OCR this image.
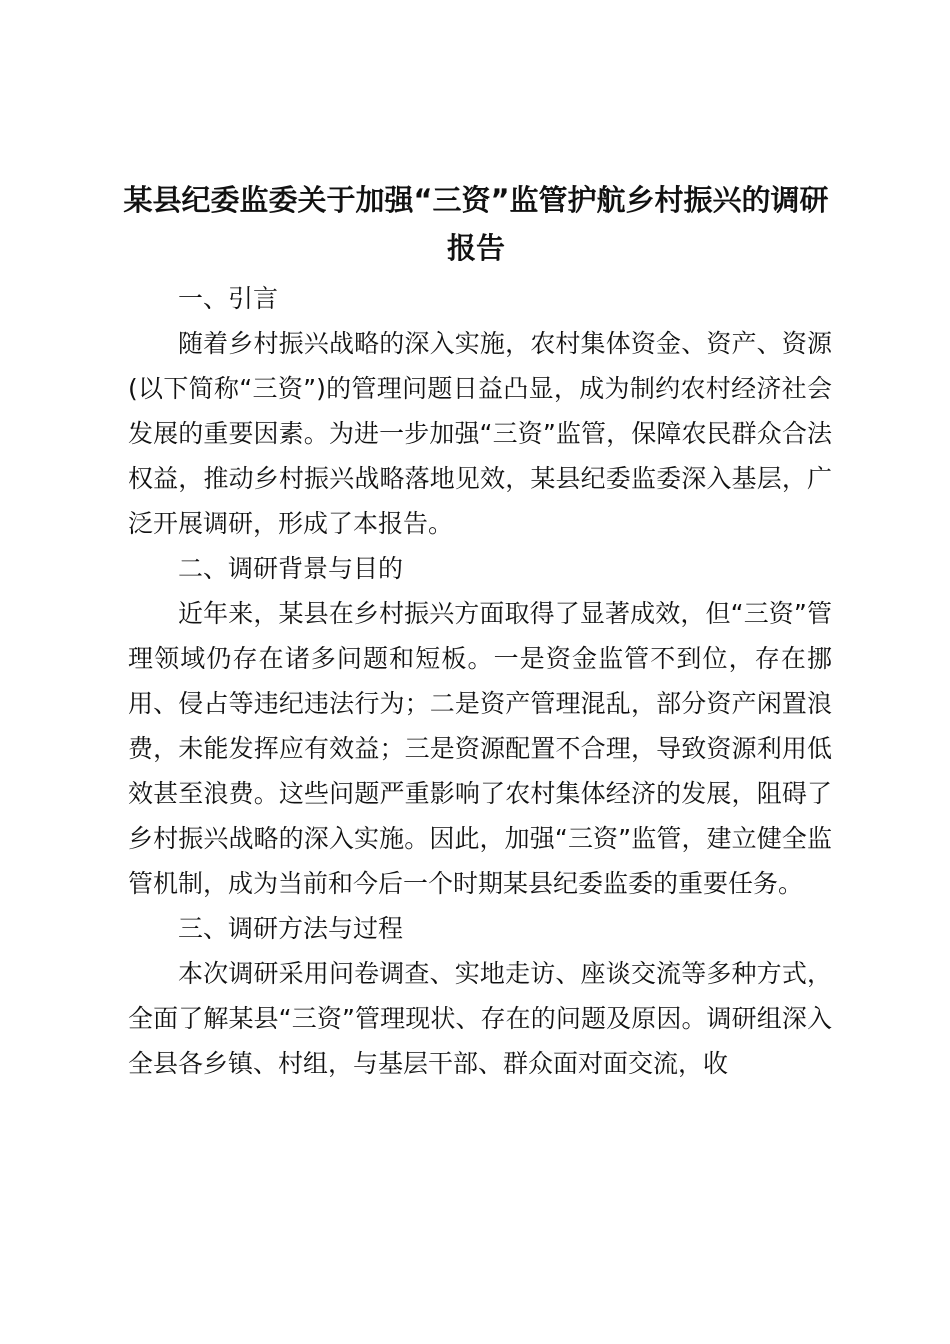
某县纪委监委关于加强“三资”监管护航乡村振兴的调研报告

一、引言

随着乡村振兴战略的深入实施，农村集体资金、资产、资源(以下简称“三资”)的管理问题日益凸显，成为制约农村经济社会发展的重要因素。为进一步加强“三资”监管，保障农民群众合法权益，推动乡村振兴战略落地见效，某县纪委监委深入基层，广泛开展调研，形成了本报告。

二、调研背景与目的

近年来，某县在乡村振兴方面取得了显著成效，但“三资”管理领域仍存在诸多问题和短板。一是资金监管不到位，存在挪用、侵占等违纪违法行为；二是资产管理混乱，部分资产闲置浪费，未能发挥应有效益；三是资源配置不合理，导致资源利用低效甚至浪费。这些问题严重影响了农村集体经济的发展，阻碍了乡村振兴战略的深入实施。因此，加强“三资”监管，建立健全监管机制，成为当前和今后一个时期某县纪委监委的重要任务。

三、调研方法与过程

本次调研采用问卷调查、实地走访、座谈交流等多种方式，全面了解某县“三资”管理现状、存在的问题及原因。调研组深入全县各乡镇、村组，与基层干部、群众面对面交流，收
